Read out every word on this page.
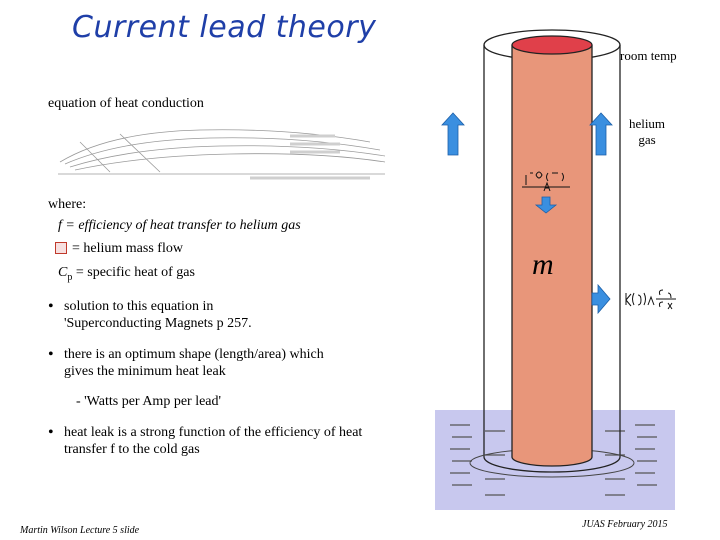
Current lead theory
equation of heat conduction
where:
f = efficiency of heat transfer to helium gas
= helium mass flow
$C_p$ = specific heat of gas
• solution to this equation in 'Superconducting Magnets p 257.
• there is an optimum shape (length/area) which gives the minimum heat leak
- 'Watts per Amp per lead'
• heat leak is a strong function of the efficiency of heat transfer f to the cold gas
room temp
helium
gas
m
Martin Wilson Lecture 5 slide
JUAS February 2015
